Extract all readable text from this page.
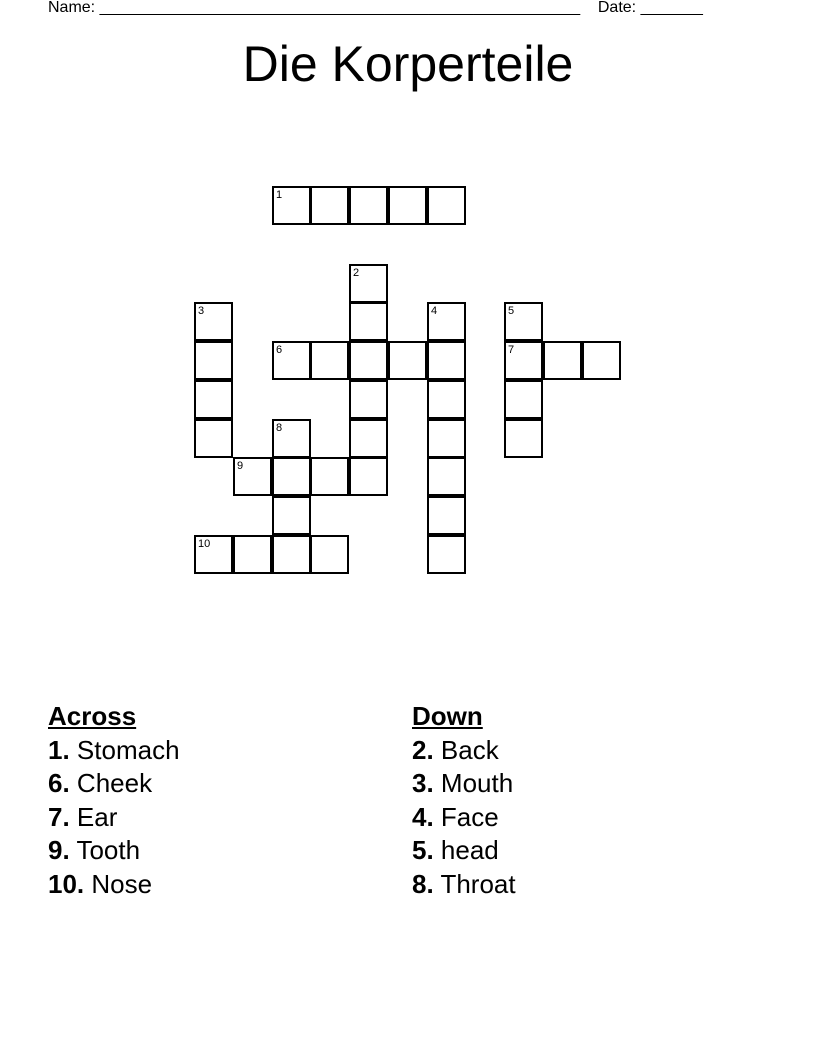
Name: ______________________________________________________ Date: _______
Die Korperteile
1
2
3	4	5
6	7
8
9
10
Across
1. Stomach
6. Cheek
7. Ear
9. Tooth
10. Nose
Down
2. Back
3. Mouth
4. Face
5. head
8. Throat
